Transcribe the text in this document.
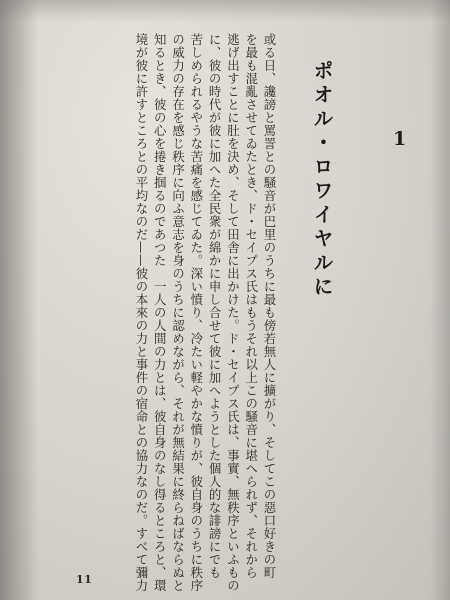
1
ポオル・ロワイヤルに
或る日、讒謗と罵詈との騒音が巴里のうちに最も傍若無人に擴がり、そしてこの惡口好きの町
を最も混亂させてゐたとき、ド・セイプス氏はもうそれ以上この騒音に堪へられず、それから
逃げ出すことに肚を決め、そして田舎に出かけた。ド・セイプス氏は、事實、無秩序といふもの
に、彼の時代が彼に加へた全民衆が綿かに申し合せて彼に加へようとした個人的な誹謗にでも
苦しめられるやうな苦痛を感じてゐた。深い憤り、冷たい軽やかな憤りが、彼自身のうちに秩序
の威力の存在を感じ秩序に向ふ意志を身のうちに認めながら、それが無結果に終らねばならぬと
知るとき、彼の心を捲き掴るのであつた　一人の人間の力とは、彼自身のなし得るところと、環
境が彼に許すところとの平均なのだ——彼の本來の力と事件の宿命との協力なのだ。すべて彌力
11
